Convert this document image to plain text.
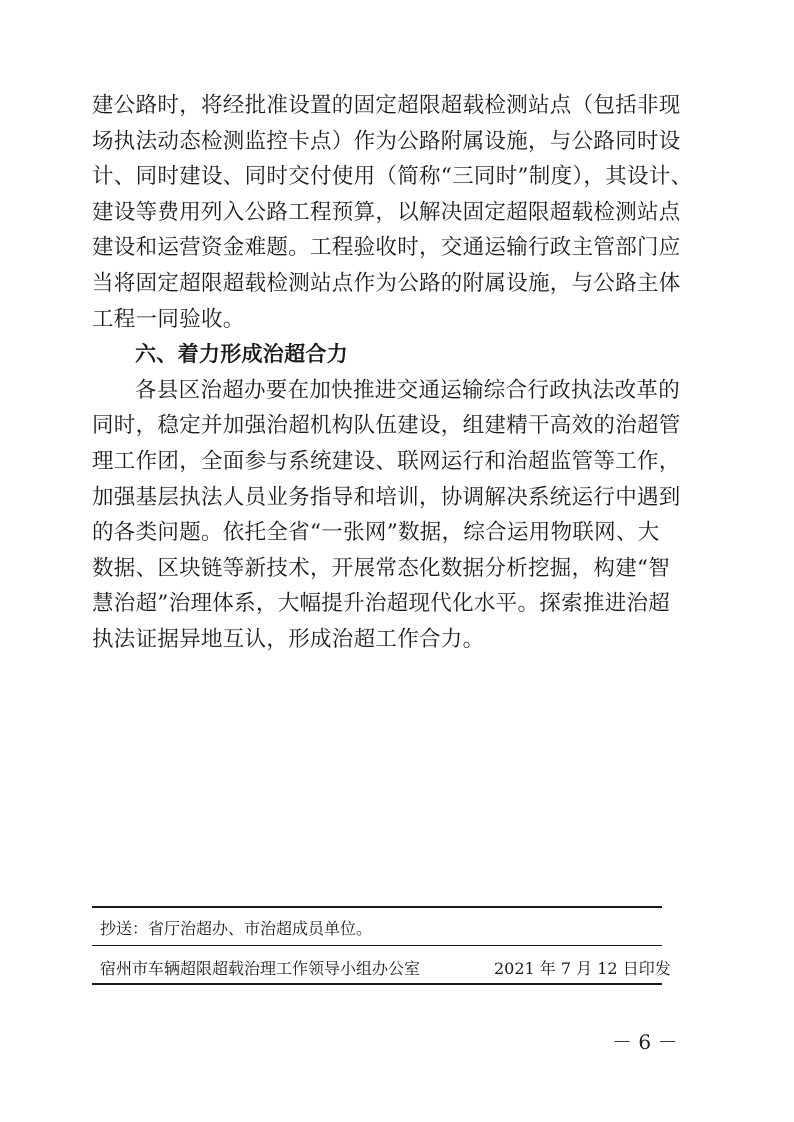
建公路时，将经批准设置的固定超限超载检测站点（包括非现
场执法动态检测监控卡点）作为公路附属设施，与公路同时设
计、同时建设、同时交付使用（简称“三同时”制度），其设计、
建设等费用列入公路工程预算，以解决固定超限超载检测站点
建设和运营资金难题。工程验收时，交通运输行政主管部门应
当将固定超限超载检测站点作为公路的附属设施，与公路主体
工程一同验收。
六、着力形成治超合力
各县区治超办要在加快推进交通运输综合行政执法改革的
同时，稳定并加强治超机构队伍建设，组建精干高效的治超管
理工作团，全面参与系统建设、联网运行和治超监管等工作，
加强基层执法人员业务指导和培训，协调解决系统运行中遇到
的各类问题。依托全省“一张网”数据，综合运用物联网、大
数据、区块链等新技术，开展常态化数据分析挖掘，构建“智
慧治超”治理体系，大幅提升治超现代化水平。探索推进治超
执法证据异地互认，形成治超工作合力。
抄送：省厅治超办、市治超成员单位。
宿州市车辆超限超载治理工作领导小组办公室	2021 年 7 月 12 日印发
－ 6 －
